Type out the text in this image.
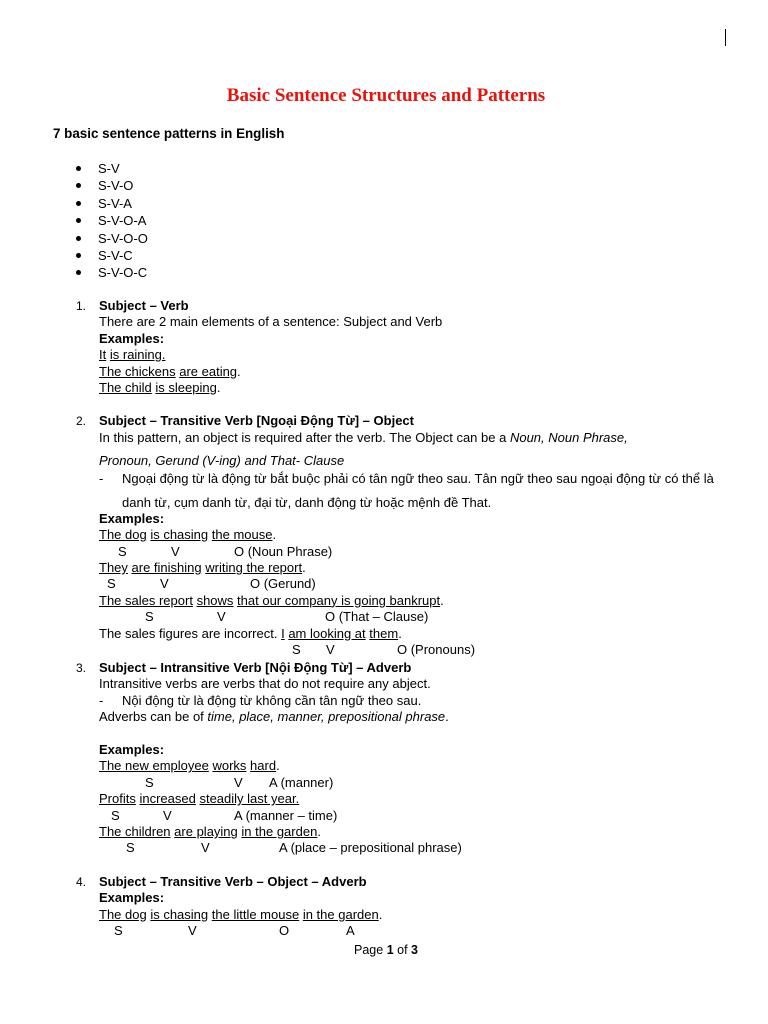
Basic Sentence Structures and Patterns
7 basic sentence patterns in English
S-V
S-V-O
S-V-A
S-V-O-A
S-V-O-O
S-V-C
S-V-O-C
1. Subject – Verb
There are 2 main elements of a sentence: Subject and Verb
Examples:
It is raining.
The chickens are eating.
The child is sleeping.
2. Subject – Transitive Verb [Ngoại Động Từ] – Object
In this pattern, an object is required after the verb. The Object can be a Noun, Noun Phrase,
Pronoun, Gerund (V-ing) and That- Clause
- Ngoại động từ là động từ bắt buộc phải có tân ngữ theo sau. Tân ngữ theo sau ngoại động từ có thể là danh từ, cụm danh từ, đại từ, danh động từ hoặc mệnh đề That.
Examples:
The dog is chasing the mouse.
S	V	O (Noun Phrase)
They are finishing writing the report.
S	V	O (Gerund)
The sales report shows that our company is going bankrupt.
S	V	O (That – Clause)
The sales figures are incorrect. I am looking at them.
S V	O (Pronouns)
3. Subject – Intransitive Verb [Nội Động Từ] – Adverb
Intransitive verbs are verbs that do not require any abject.
- Nội động từ là động từ không cần tân ngữ theo sau.
Adverbs can be of time, place, manner, prepositional phrase.
Examples:
The new employee works hard.
S	V A (manner)
Profits increased steadily last year.
S	V	A (manner – time)
The children are playing in the garden.
S	V	A (place – prepositional phrase)
4. Subject – Transitive Verb – Object – Adverb
Examples:
The dog is chasing the little mouse in the garden.
S	V	O	A
Page 1 of 3
